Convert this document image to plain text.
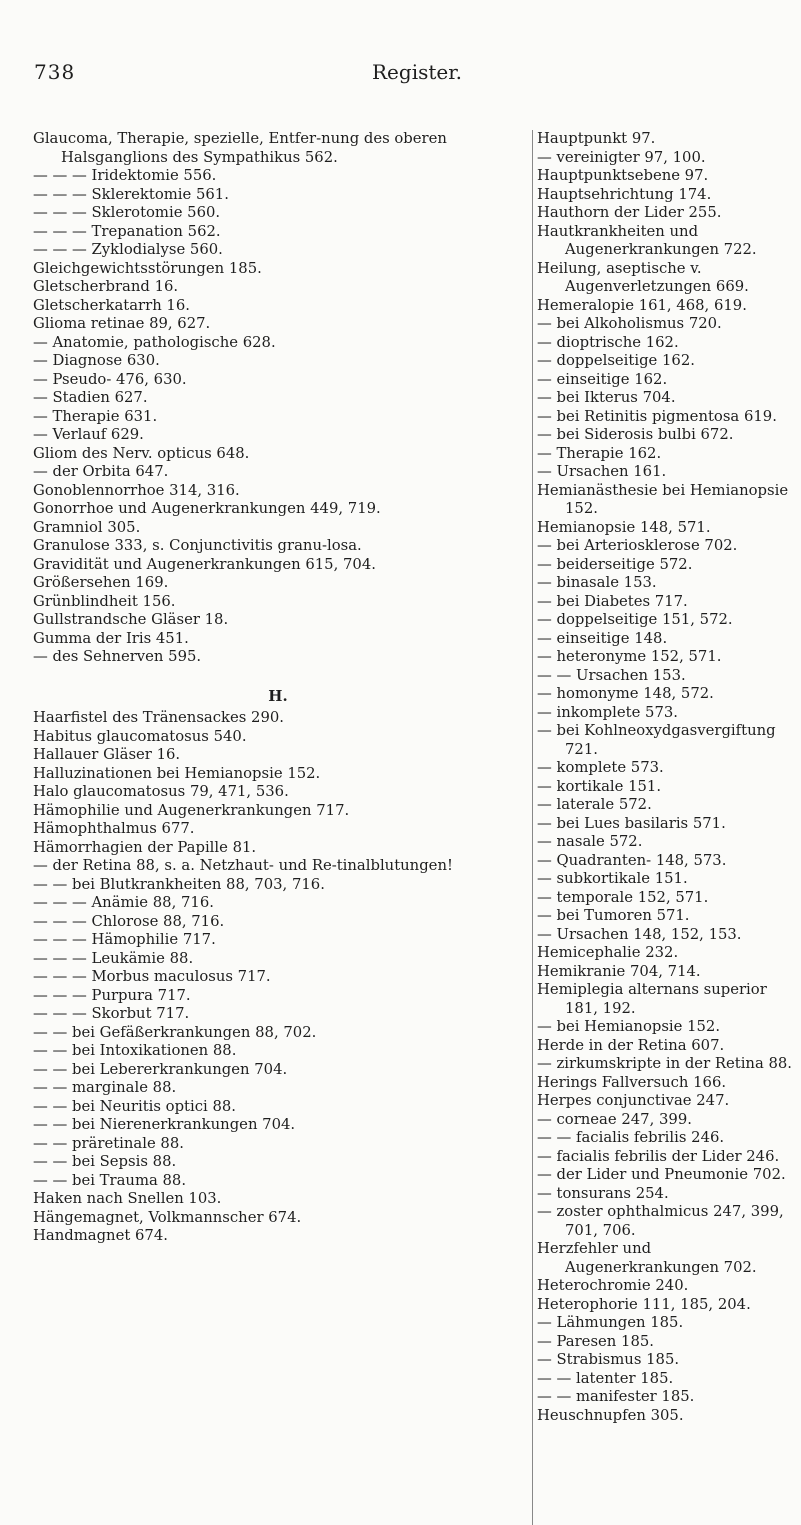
738	Register.
Glaucoma, Therapie, spezielle, Entfer-nung des oberen Halsganglions des Sympathikus 562.
— — — Iridektomie 556.
— — — Sklerektomie 561.
— — — Sklerotomie 560.
— — — Trepanation 562.
— — — Zyklodialyse 560.
Gleichgewichtsstörungen 185.
Gletscherbrand 16.
Gletscherkatarrh 16.
Glioma retinae 89, 627.
— Anatomie, pathologische 628.
— Diagnose 630.
— Pseudo- 476, 630.
— Stadien 627.
— Therapie 631.
— Verlauf 629.
Gliom des Nerv. opticus 648.
— der Orbita 647.
Gonoblennorrhoe 314, 316.
Gonorrhoe und Augenerkrankungen 449, 719.
Gramniol 305.
Granulose 333, s. Conjunctivitis granu-losa.
Gravidität und Augenerkrankungen 615, 704.
Größersehen 169.
Grünblindheit 156.
Gullstrandsche Gläser 18.
Gumma der Iris 451.
— des Sehnerven 595.
H.
Haarfistel des Tränensackes 290.
Habitus glaucomatosus 540.
Hallauer Gläser 16.
Halluzinationen bei Hemianopsie 152.
Halo glaucomatosus 79, 471, 536.
Hämophilie und Augenerkrankungen 717.
Hämophthalmus 677.
Hämorrhagien der Papille 81.
— der Retina 88, s. a. Netzhaut- und Re-tinalblutungen!
— — bei Blutkrankheiten 88, 703, 716.
— — — Anämie 88, 716.
— — — Chlorose 88, 716.
— — — Hämophilie 717.
— — — Leukämie 88.
— — — Morbus maculosus 717.
— — — Purpura 717.
— — — Skorbut 717.
— — bei Gefäßerkrankungen 88, 702.
— — bei Intoxikationen 88.
— — bei Lebererkrankungen 704.
— — marginale 88.
— — bei Neuritis optici 88.
— — bei Nierenerkrankungen 704.
— — präretinale 88.
— — bei Sepsis 88.
— — bei Trauma 88.
Haken nach Snellen 103.
Hängemagnet, Volkmannscher 674.
Handmagnet 674.
Hauptpunkt 97.
— vereinigter 97, 100.
Hauptpunktsebene 97.
Hauptsehrichtung 174.
Hauthorn der Lider 255.
Hautkrankheiten und Augenerkrankungen 722.
Heilung, aseptische v. Augenverletzungen 669.
Hemeralopie 161, 468, 619.
— bei Alkoholismus 720.
— dioptrische 162.
— doppelseitige 162.
— einseitige 162.
— bei Ikterus 704.
— bei Retinitis pigmentosa 619.
— bei Siderosis bulbi 672.
— Therapie 162.
— Ursachen 161.
Hemianästhesie bei Hemianopsie 152.
Hemianopsie 148, 571.
— bei Arteriosklerose 702.
— beiderseitige 572.
— binasale 153.
— bei Diabetes 717.
— doppelseitige 151, 572.
— einseitige 148.
— heteronyme 152, 571.
— — Ursachen 153.
— homonyme 148, 572.
— inkomplete 573.
— bei Kohlneoxydgasvergiftung 721.
— komplete 573.
— kortikale 151.
— laterale 572.
— bei Lues basilaris 571.
— nasale 572.
— Quadranten- 148, 573.
— subkortikale 151.
— temporale 152, 571.
— bei Tumoren 571.
— Ursachen 148, 152, 153.
Hemicephalie 232.
Hemikranie 704, 714.
Hemiplegia alternans superior 181, 192.
— bei Hemianopsie 152.
Herde in der Retina 607.
— zirkumskripte in der Retina 88.
Herings Fallversuch 166.
Herpes conjunctivae 247.
— corneae 247, 399.
— — facialis febrilis 246.
— facialis febrilis der Lider 246.
— der Lider und Pneumonie 702.
— tonsurans 254.
— zoster ophthalmicus 247, 399, 701, 706.
Herzfehler und Augenerkrankungen 702.
Heterochromie 240.
Heterophorie 111, 185, 204.
— Lähmungen 185.
— Paresen 185.
— Strabismus 185.
— — latenter 185.
— — manifester 185.
Heuschnupfen 305.
